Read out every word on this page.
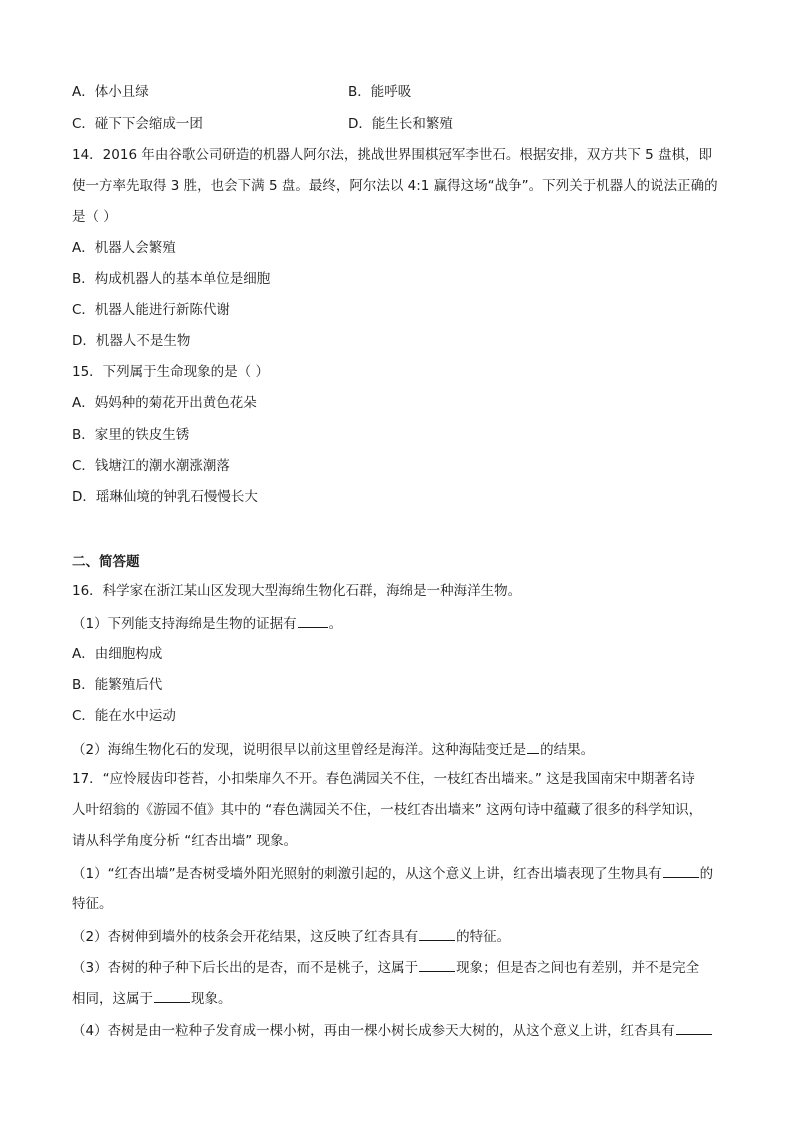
A．体小且绿	B．能呼吸
C．碰下下会缩成一团	D．能生长和繁殖
14．2016 年由谷歌公司研造的机器人阿尔法，挑战世界围棋冠军李世石。根据安排，双方共下 5 盘棋，即
使一方率先取得 3 胜，也会下满 5 盘。最终，阿尔法以 4:1 赢得这场“战争”。下列关于机器人的说法正确的
是（ ）
A．机器人会繁殖
B．构成机器人的基本单位是细胞
C．机器人能进行新陈代谢
D．机器人不是生物
15．下列属于生命现象的是（ ）
A．妈妈种的菊花开出黄色花朵
B．家里的铁皮生锈
C．钱塘江的潮水潮涨潮落
D．瑶琳仙境的钟乳石慢慢长大
二、简答题
16．科学家在浙江某山区发现大型海绵生物化石群，海绵是一种海洋生物。
（1）下列能支持海绵是生物的证据有 。
A．由细胞构成
B．能繁殖后代
C．能在水中运动
（2）海绵生物化石的发现，说明很早以前这里曾经是海洋。这种海陆变迁是 的结果。
17．“应怜屐齿印苍苔，小扣柴扉久不开。春色满园关不住，一枝红杏出墙来。” 这是我国南宋中期著名诗
人叶绍翁的《游园不值》其中的 “春色满园关不住，一枝红杏出墙来” 这两句诗中蕴藏了很多的科学知识，
请从科学角度分析 “红杏出墙” 现象。
（1）“红杏出墙”是杏树受墙外阳光照射的刺激引起的，从这个意义上讲，红杏出墙表现了生物具有	的
特征。
（2）杏树伸到墙外的枝条会开花结果，这反映了红杏具有	的特征。
（3）杏树的种子种下后长出的是杏，而不是桃子，这属于	现象；但是杏之间也有差别，并不是完全
相同，这属于	现象。
（4）杏树是由一粒种子发育成一棵小树，再由一棵小树长成参天大树的，从这个意义上讲，红杏具有
